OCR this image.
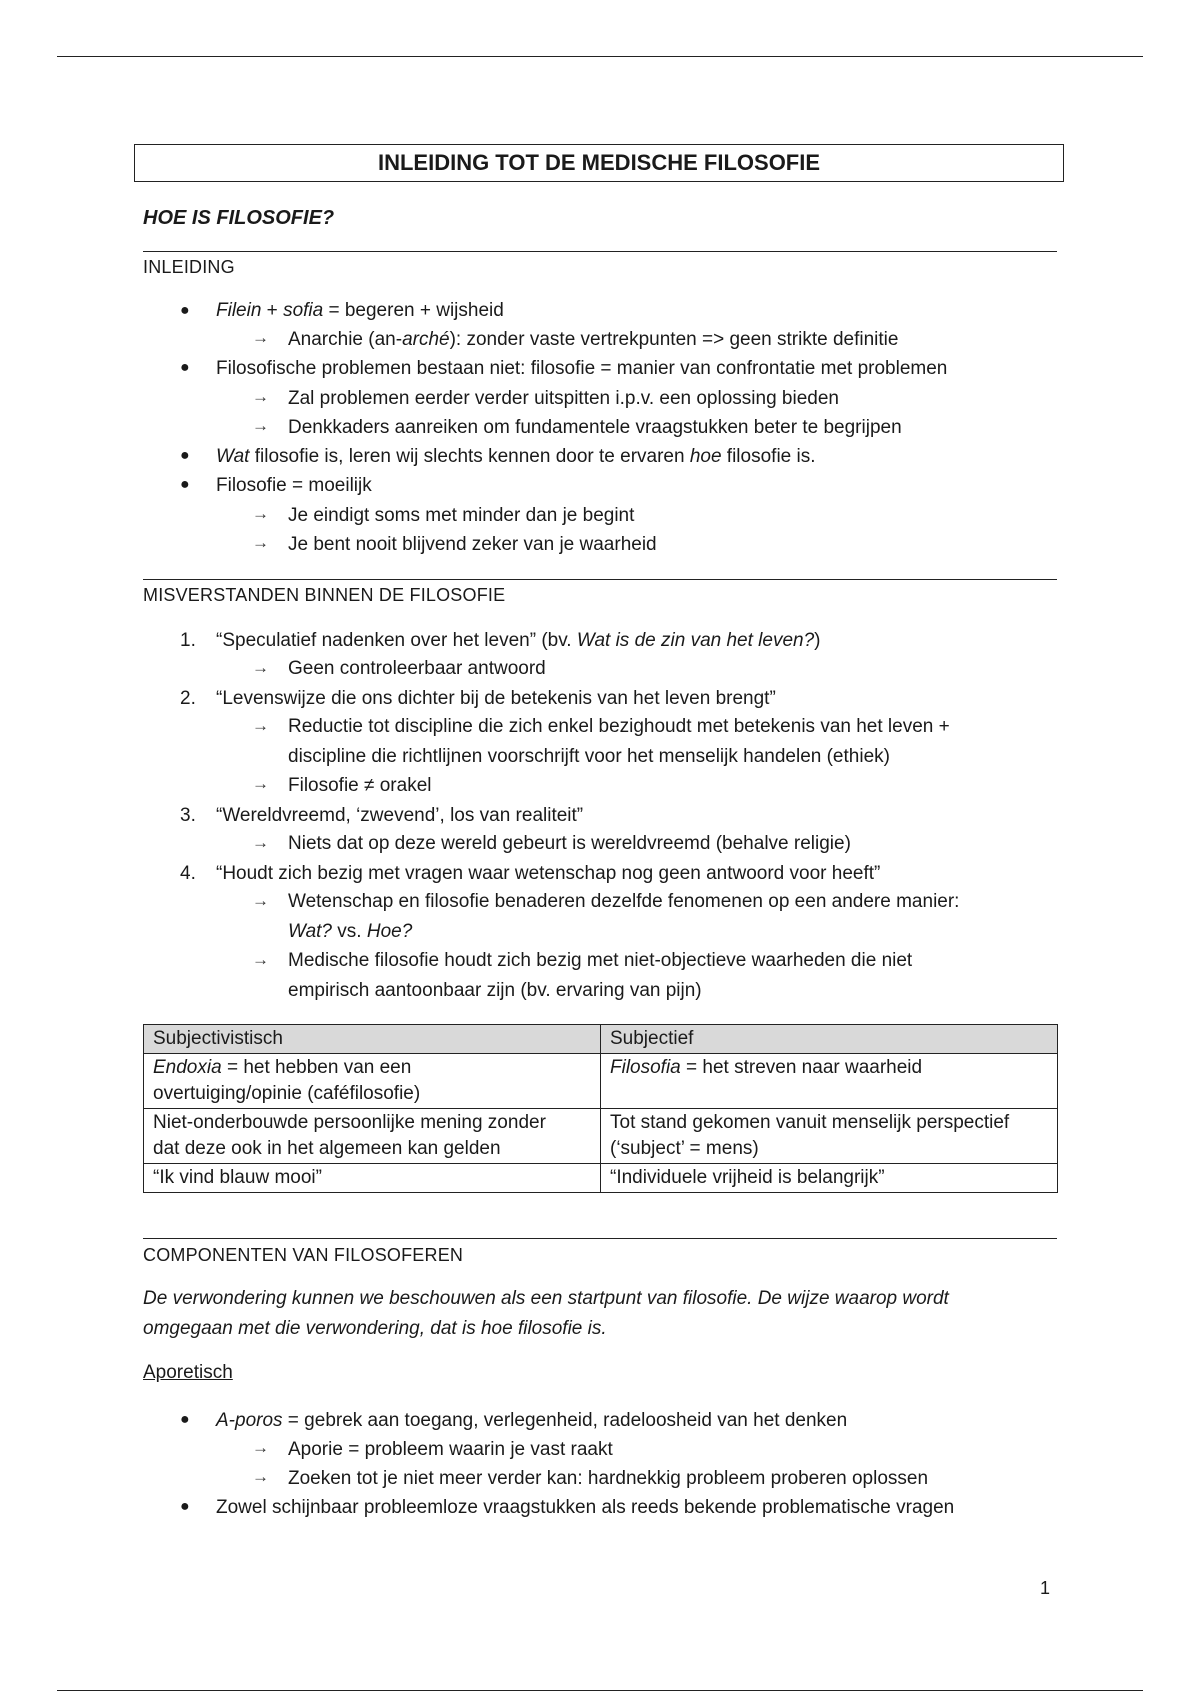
INLEIDING TOT DE MEDISCHE FILOSOFIE
HOE IS FILOSOFIE?
INLEIDING
● Filein + sofia = begeren + wijsheid
→ Anarchie (an-arché): zonder vaste vertrekpunten => geen strikte definitie
● Filosofische problemen bestaan niet: filosofie = manier van confrontatie met problemen
→ Zal problemen eerder verder uitspitten i.p.v. een oplossing bieden
→ Denkkaders aanreiken om fundamentele vraagstukken beter te begrijpen
● Wat filosofie is, leren wij slechts kennen door te ervaren hoe filosofie is.
● Filosofie = moeilijk
→ Je eindigt soms met minder dan je begint
→ Je bent nooit blijvend zeker van je waarheid
MISVERSTANDEN BINNEN DE FILOSOFIE
1. “Speculatief nadenken over het leven” (bv. Wat is de zin van het leven?)
→ Geen controleerbaar antwoord
2. “Levenswijze die ons dichter bij de betekenis van het leven brengt”
→ Reductie tot discipline die zich enkel bezighoudt met betekenis van het leven +
discipline die richtlijnen voorschrijft voor het menselijk handelen (ethiek)
→ Filosofie ≠ orakel
3. “Wereldvreemd, ‘zwevend’, los van realiteit”
→ Niets dat op deze wereld gebeurt is wereldvreemd (behalve religie)
4. “Houdt zich bezig met vragen waar wetenschap nog geen antwoord voor heeft”
→ Wetenschap en filosofie benaderen dezelfde fenomenen op een andere manier:
Wat? vs. Hoe?
→ Medische filosofie houdt zich bezig met niet-objectieve waarheden die niet
empirisch aantoonbaar zijn (bv. ervaring van pijn)
Subjectivistisch	Subjectief
Endoxia = het hebben van een
overtuiging/opinie (caféfilosofie)	Filosofia = het streven naar waarheid
Niet-onderbouwde persoonlijke mening zonder
dat deze ook in het algemeen kan gelden	Tot stand gekomen vanuit menselijk perspectief
(‘subject’ = mens)
“Ik vind blauw mooi”	“Individuele vrijheid is belangrijk”
COMPONENTEN VAN FILOSOFEREN
De verwondering kunnen we beschouwen als een startpunt van filosofie. De wijze waarop wordt
omgegaan met die verwondering, dat is hoe filosofie is.
Aporetisch
● A-poros = gebrek aan toegang, verlegenheid, radeloosheid van het denken
→ Aporie = probleem waarin je vast raakt
→ Zoeken tot je niet meer verder kan: hardnekkig probleem proberen oplossen
● Zowel schijnbaar probleemloze vraagstukken als reeds bekende problematische vragen
1
